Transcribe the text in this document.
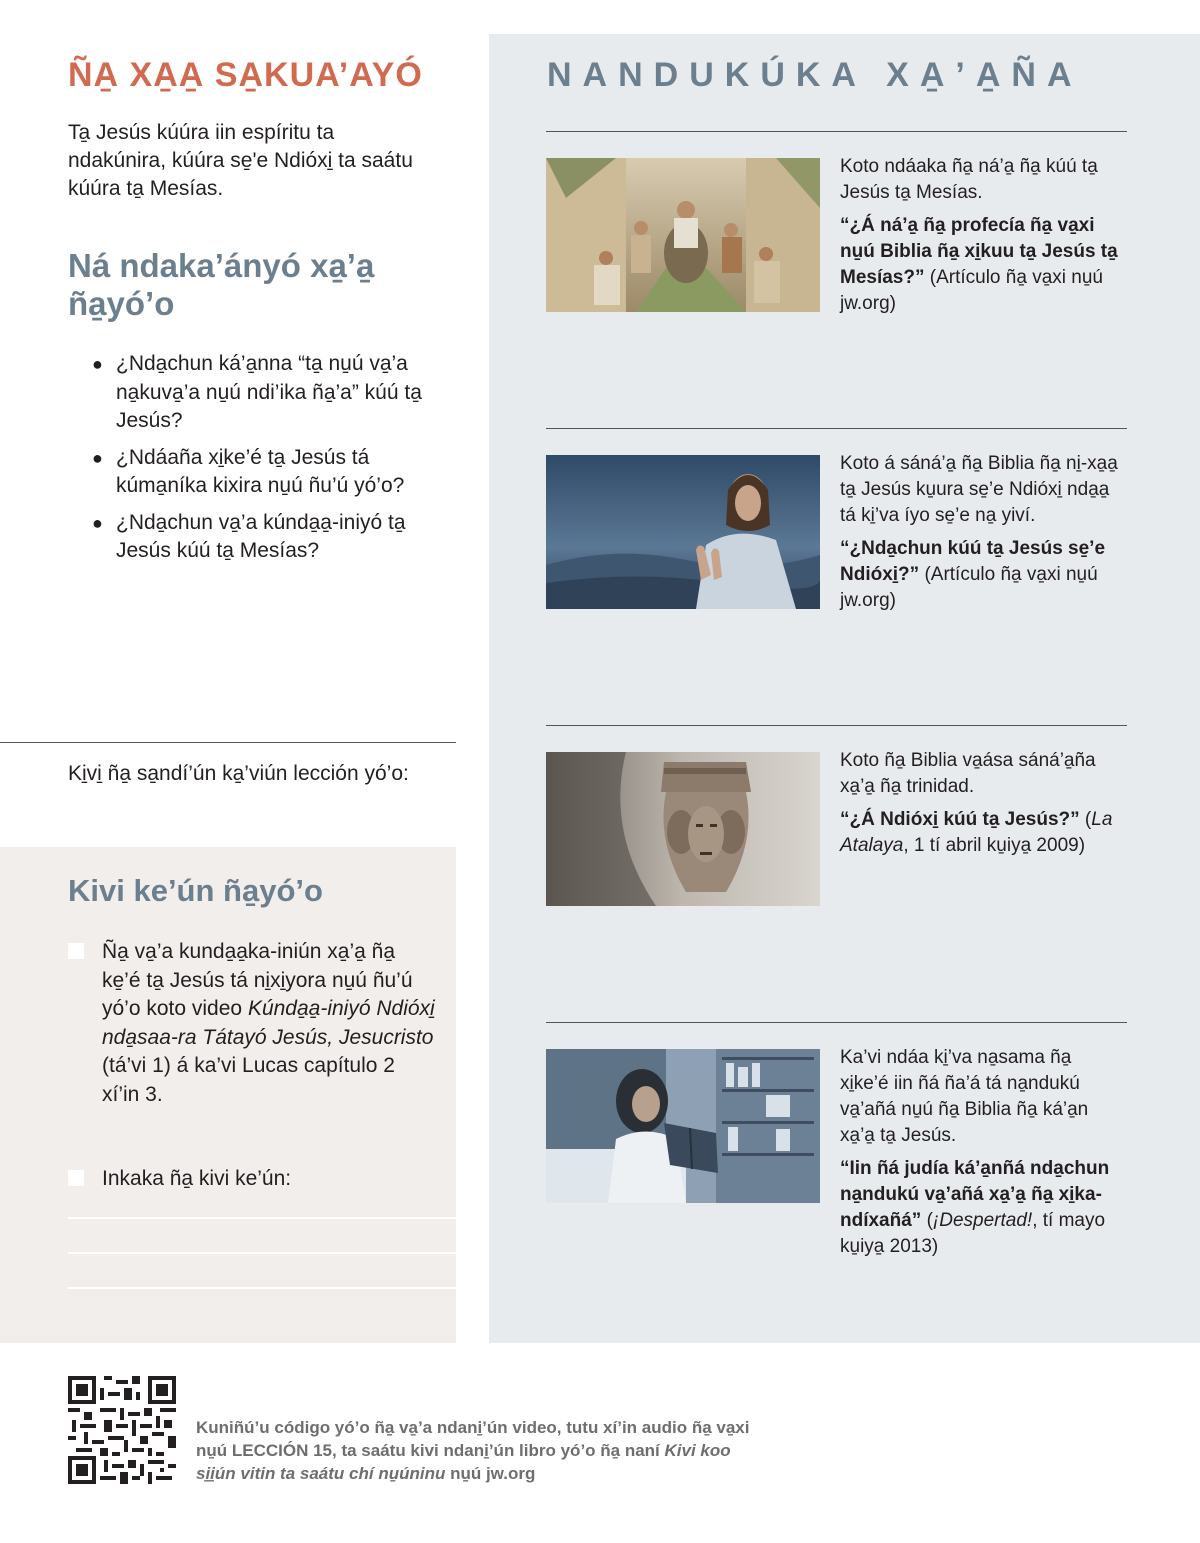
ÑA̱ XA̱A̱ SA̱KUA’AYÓ

Ta̱ Jesús kúúra iin espíritu ta ndakúnira, kúúra se̱'e Ndióxi̱ ta saátu kúúra ta̱ Mesías.

Ná ndaka’ányó xa̱’a̱ ña̱yó’o
● ¿Nda̱chun ká’a̱nna “ta̱ nu̱ú va̱’a na̱kuva̱’a nu̱ú ndi’ika ña̱’a” kúú ta̱ Jesús?
● ¿Ndáaña xi̱ke’é ta̱ Jesús tá kúma̱níka kixira nu̱ú ñu’ú yó’o?
● ¿Nda̱chun va̱’a kúnda̱a̱-iniyó ta̱ Jesús kúú ta̱ Mesías?
Ki̱vi̱ ña̱ sa̱ndí’ún ka̱’viún lección yó’o:
Kivi ke’ún ña̱yó’o
Ña̱ va̱’a kunda̱a̱ka-iniún xa̱’a̱ ña̱ ke̱’é ta̱ Jesús tá ni̱xi̱yora nu̱ú ñu’ú yó’o koto video Kúnda̱a̱-iniyó Ndióxi̱ nda̱saa-ra Tátayó Jesús, Jesucristo (tá’vi 1) á ka’vi Lucas capítulo 2 xí’in 3.
Inkaka ña̱ kivi ke’ún:
NANDUKÚKA XA̱’A̱ÑA
Koto ndáaka ña̱ ná’a̱ ña̱ kúú ta̱ Jesús ta̱ Mesías.
“¿Á ná’a̱ ña̱ profecía ña̱ va̱xi nu̱ú Biblia ña̱ xi̱kuu ta̱ Jesús ta̱ Mesías?” (Artículo ña̱ va̱xi nu̱ú jw.org)
Koto á sáná’a̱ ña̱ Biblia ña̱ ni̱-xa̱a̱ ta̱ Jesús ku̱ura se̱’e Ndióxi̱ nda̱a̱ tá ki̱’va íyo se̱’e na̱ yiví.
“¿Nda̱chun kúú ta̱ Jesús se̱’e Ndióxi̱?” (Artículo ña̱ va̱xi nu̱ú jw.org)
Koto ña̱ Biblia va̱ása sáná’a̱ña xa̱’a̱ ña̱ trinidad.
“¿Á Ndióxi̱ kúú ta̱ Jesús?” (La Atalaya, 1 tí abril ku̱iya̱ 2009)
Ka’vi ndáa ki̱’va na̱sama ña̱ xi̱ke’é iin ñá ña’á tá na̱ndukú va̱’añá nu̱ú ña̱ Biblia ña̱ ká’a̱n xa̱’a̱ ta̱ Jesús.
“Iin ñá judía ká’a̱nñá nda̱chun na̱ndukú va̱’añá xa̱’a̱ ña̱ xi̱ka-ndíxañá” (¡Despertad!, tí mayo ku̱iya̱ 2013)

Kuniñú’u código yó’o ña̱ va̱’a ndani̱’ún video, tutu xí’in audio ña̱ va̱xi nu̱ú LECCIÓN 15, ta saátu kivi ndani̱’ún libro yó’o ña̱ naní Kivi koo si̱i̱ún vitin ta saátu chí nu̱úninu nu̱ú jw.org
